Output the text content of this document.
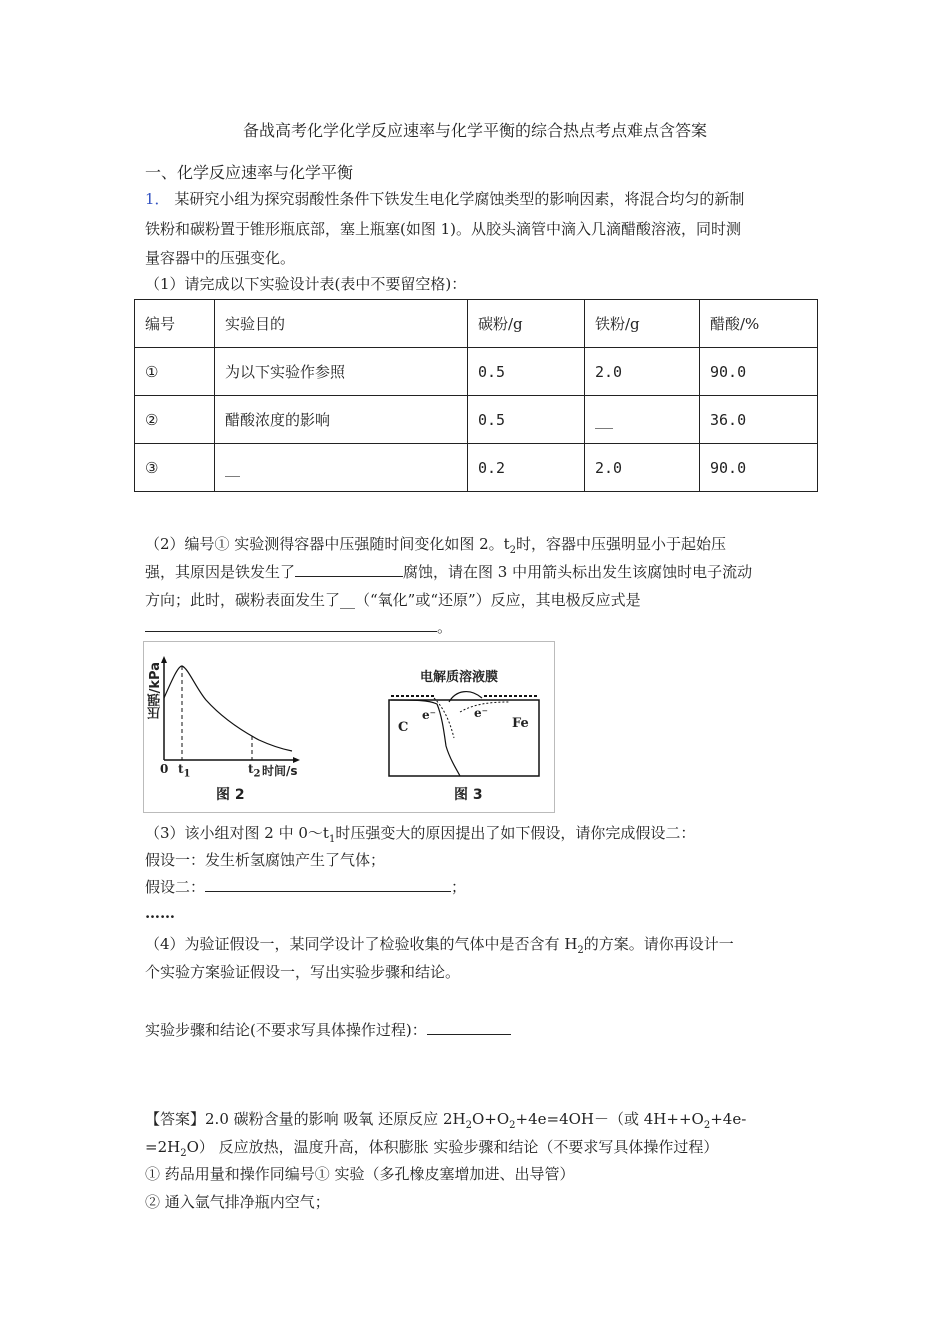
备战高考化学化学反应速率与化学平衡的综合热点考点难点含答案
一、化学反应速率与化学平衡
1． 某研究小组为探究弱酸性条件下铁发生电化学腐蚀类型的影响因素，将混合均匀的新制
铁粉和碳粉置于锥形瓶底部，塞上瓶塞(如图 1)。从胶头滴管中滴入几滴醋酸溶液，同时测
量容器中的压强变化。
（1）请完成以下实验设计表(表中不要留空格)：
编号	实验目的	碳粉/g	铁粉/g	醋酸/%
①	为以下实验作参照	0.5	2.0	90.0
②	醋酸浓度的影响	0.5	__	36.0
③	__	0.2	2.0	90.0
（2）编号① 实验测得容器中压强随时间变化如图 2。$t_2$时，容器中压强明显小于起始压
强，其原因是铁发生了	腐蚀，请在图 3 中用箭头标出发生该腐蚀时电子流动
方向；此时，碳粉表面发生了__（“氧化”或“还原”）反应，其电极反应式是
。
压强/kPa
0 $t_1$	$t_2$ 时间/s
图 2
电解质溶液膜
C	Fe
e⁻	e⁻
图 3
（3）该小组对图 2 中 $0\sim t_1$时压强变大的原因提出了如下假设，请你完成假设二：
假设一：发生析氢腐蚀产生了气体；
假设二：	；
……
（4）为验证假设一，某同学设计了检验收集的气体中是否含有 $H_2$的方案。请你再设计一
个实验方案验证假设一，写出实验步骤和结论。
实验步骤和结论(不要求写具体操作过程)：
【答案】2.0 碳粉含量的影响 吸氧 还原反应 $2H_2O+O_2+4e=4OH-$（或 $4H++O_2+4e-$
$=2H_2O$） 反应放热，温度升高，体积膨胀 实验步骤和结论（不要求写具体操作过程）
① 药品用量和操作同编号① 实验（多孔橡皮塞增加进、出导管）
② 通入氩气排净瓶内空气；
